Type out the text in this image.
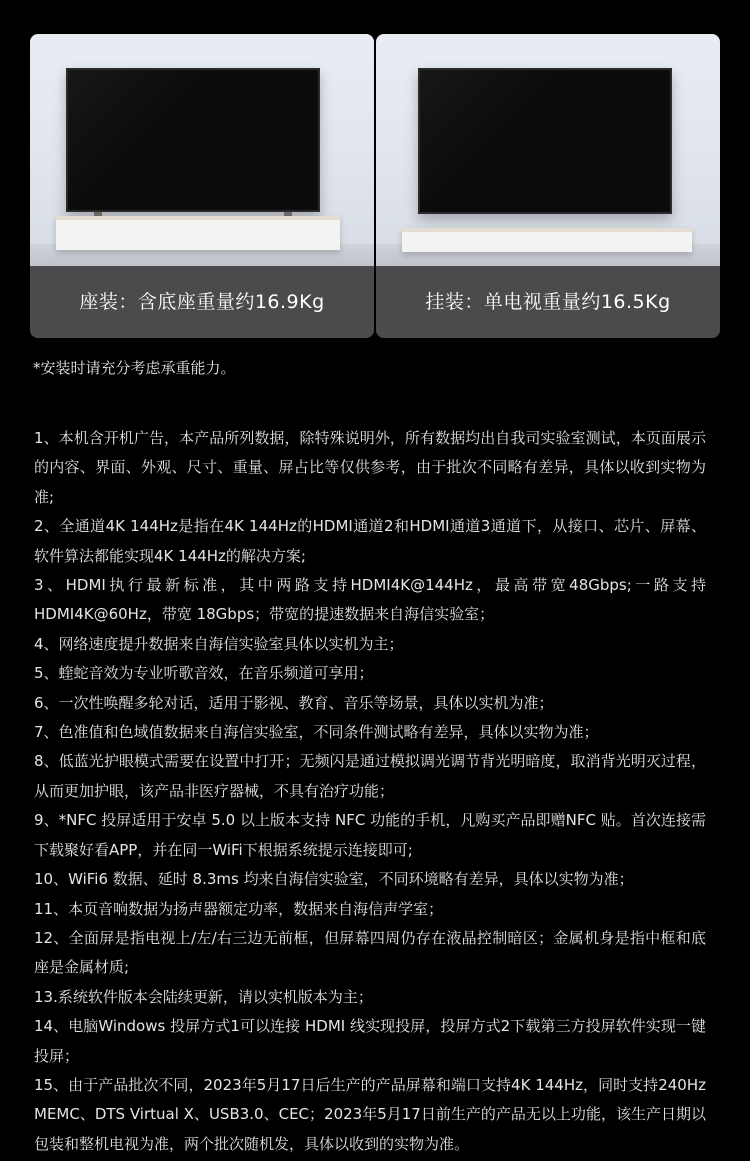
座装：含底座重量约16.9Kg	挂装：单电视重量约16.5Kg
*安装时请充分考虑承重能力。

1、本机含开机广告，本产品所列数据，除特殊说明外，所有数据均出自我司实验室测试，本页面展示的内容、界面、外观、尺寸、重量、屏占比等仅供参考，由于批次不同略有差异，具体以收到实物为准;

2、全通道4K 144Hz是指在4K 144Hz的HDMI通道2和HDMI通道3通道下，从接口、芯片、屏幕、软件算法都能实现4K 144Hz的解决方案;

3、HDMI执行最新标准，其中两路支持HDMI4K@144Hz，最高带宽48Gbps;一路支持 HDMI4K@60Hz，带宽 18Gbps；带宽的提速数据来自海信实验室；

4、网络速度提升数据来自海信实验室具体以实机为主；

5、蝰蛇音效为专业听歌音效，在音乐频道可享用；

6、一次性唤醒多轮对话，适用于影视、教育、音乐等场景，具体以实机为准；

7、色准值和色域值数据来自海信实验室，不同条件测试略有差异，具体以实物为准；

8、低蓝光护眼模式需要在设置中打开；无频闪是通过模拟调光调节背光明暗度，取消背光明灭过程，从而更加护眼，该产品非医疗器械，不具有治疗功能；

9、*NFC 投屏适用于安卓 5.0 以上版本支持 NFC 功能的手机，凡购买产品即赠NFC 贴。首次连接需下载聚好看APP，并在同一WiFi下根据系统提示连接即可;

10、WiFi6 数据、延时 8.3ms 均来自海信实验室，不同环境略有差异，具体以实物为准；

11、本页音响数据为扬声器额定功率，数据来自海信声学室；

12、全面屏是指电视上/左/右三边无前框，但屏幕四周仍存在液晶控制暗区；金属机身是指中框和底座是金属材质;

13.系统软件版本会陆续更新，请以实机版本为主；

14、电脑Windows 投屏方式1可以连接 HDMI 线实现投屏，投屏方式2下载第三方投屏软件实现一键投屏；

15、由于产品批次不同，2023年5月17日后生产的产品屏幕和端口支持4K 144Hz，同时支持240Hz MEMC、DTS Virtual X、USB3.0、CEC；2023年5月17日前生产的产品无以上功能，该生产日期以包装和整机电视为准，两个批次随机发，具体以收到的实物为准。
